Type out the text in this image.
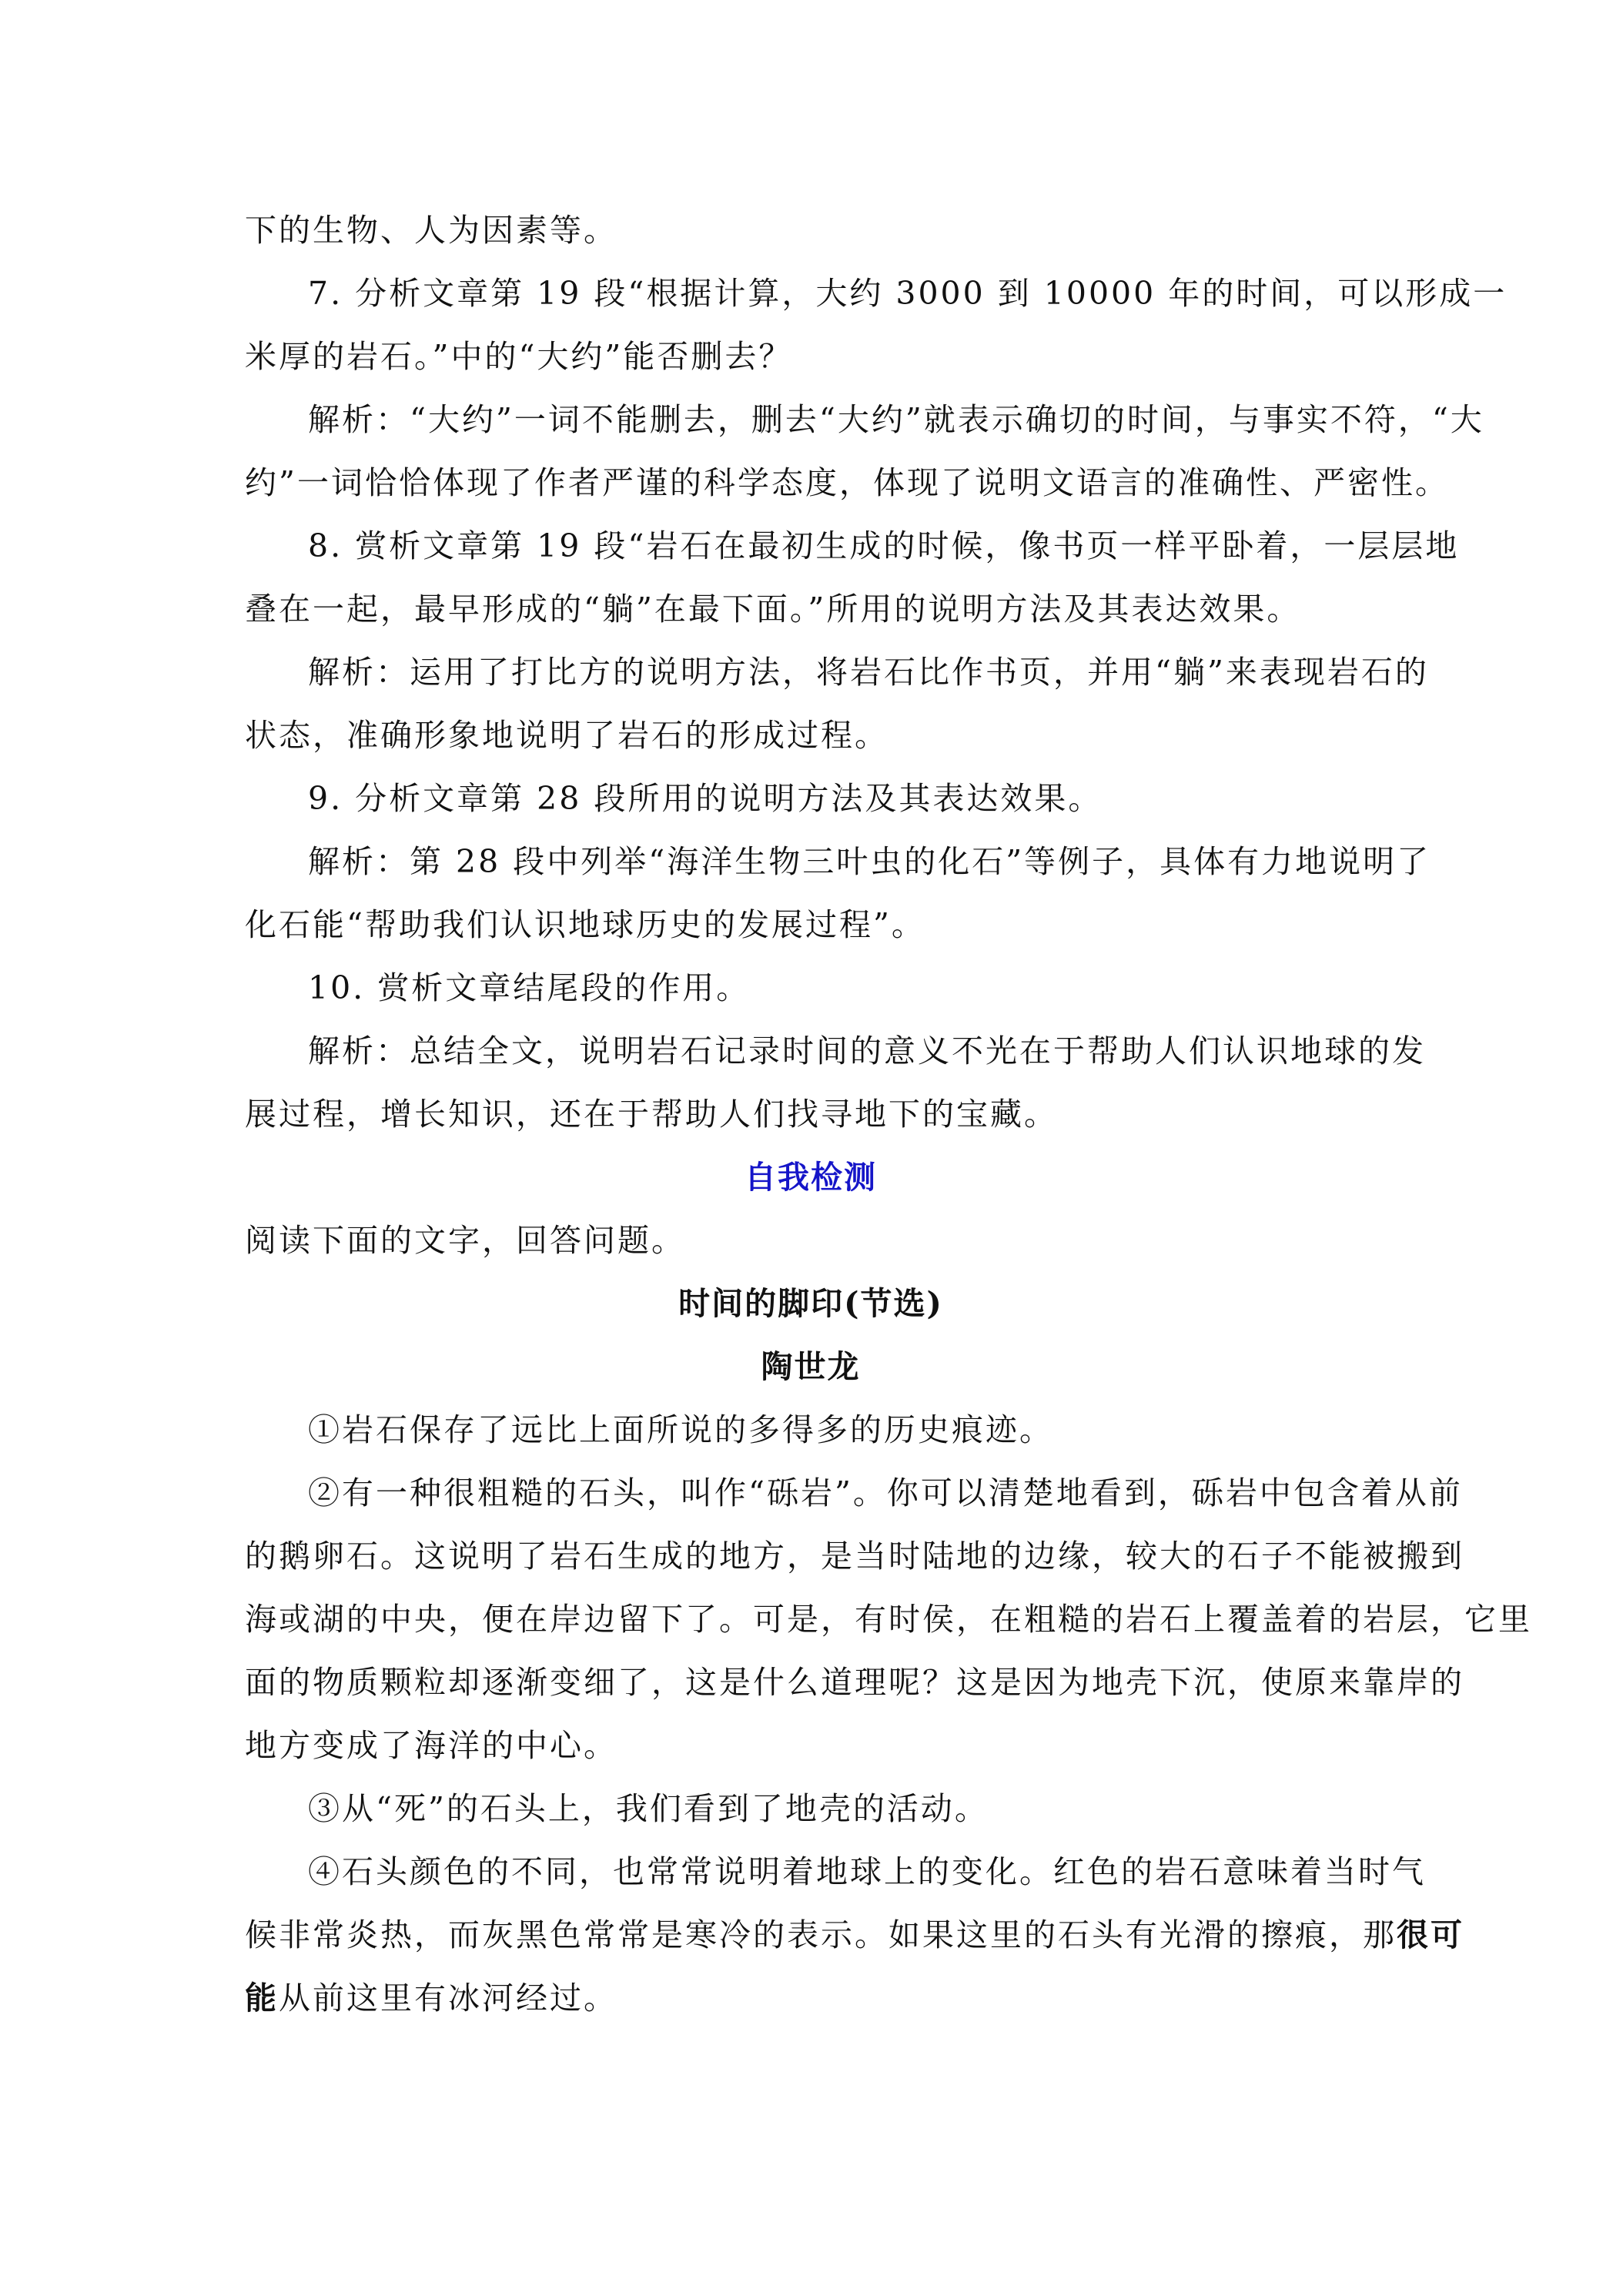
下的生物、人为因素等。
7. 分析文章第 19 段“根据计算，大约 3000 到 10000 年的时间，可以形成一
米厚的岩石。”中的“大约”能否删去？
解析：“大约”一词不能删去，删去“大约”就表示确切的时间，与事实不符，“大
约”一词恰恰体现了作者严谨的科学态度，体现了说明文语言的准确性、严密性。
8. 赏析文章第 19 段“岩石在最初生成的时候，像书页一样平卧着，一层层地
叠在一起，最早形成的“躺”在最下面。”所用的说明方法及其表达效果。
解析：运用了打比方的说明方法，将岩石比作书页，并用“躺”来表现岩石的
状态，准确形象地说明了岩石的形成过程。
9. 分析文章第 28 段所用的说明方法及其表达效果。
解析：第 28 段中列举“海洋生物三叶虫的化石”等例子，具体有力地说明了
化石能“帮助我们认识地球历史的发展过程”。
10. 赏析文章结尾段的作用。
解析：总结全文，说明岩石记录时间的意义不光在于帮助人们认识地球的发
展过程，增长知识，还在于帮助人们找寻地下的宝藏。
自我检测
阅读下面的文字，回答问题。
时间的脚印(节选)
陶世龙
①岩石保存了远比上面所说的多得多的历史痕迹。
②有一种很粗糙的石头，叫作“砾岩”。你可以清楚地看到，砾岩中包含着从前
的鹅卵石。这说明了岩石生成的地方，是当时陆地的边缘，较大的石子不能被搬到
海或湖的中央，便在岸边留下了。可是，有时侯，在粗糙的岩石上覆盖着的岩层，它里
面的物质颗粒却逐渐变细了，这是什么道理呢？这是因为地壳下沉，使原来靠岸的
地方变成了海洋的中心。
③从“死”的石头上，我们看到了地壳的活动。
④石头颜色的不同，也常常说明着地球上的变化。红色的岩石意味着当时气
候非常炎热，而灰黑色常常是寒冷的表示。如果这里的石头有光滑的擦痕，那很可
能从前这里有冰河经过。
